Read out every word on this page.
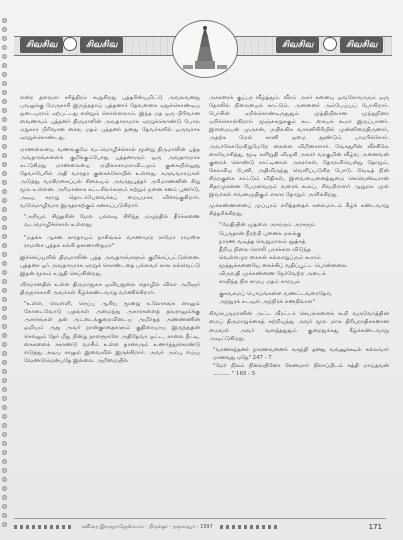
சிவசிவ	சிவசிவ	சிவசிவ	சிவசிவ

என்ற தளவரா சரித்திரம் கூறுகிறது புத்தரின்யுமிட்டு அவலவனது பவலுக்கு மேருகாரி இருந்ததாய் புத்தனார் தேவனைக ஏதுக்கொண்டிய ஐடையராம் ஏற்பட்டது என்றும் கொள்ளலாம். இந்த மத ஒரு பிரிவான வைணவம் புத்தனர் திருமாலின் அவதாராமாக ஏறறுக்கொண்டு போல மறுகார பிரிவான சைவ மதம் புத்தனர் தனது தேவர்களில் ஒருவராக ஏறறுக்கொண்டது.

மாணலையை வணங்குமே வடமொழிச்சொல் மூன்று திருமாலின் புத்த அவதாரங்களைக் குறிக்கும்போது புத்தனாரும் ஒரு அவதாரமாக கட்டுகிறது மாணலையை மயிலாசாமராவிடமும் குகையில்லுது தேவாபேரில் அதி வாரதர குகைக்கோயில் உள்ளது. கருவவாரய்கள் அடுத்து வரகிறகைப்பல் சிலையம் அவரதுபுத்தர் அரிமாணனின் சிறு மூல உள்ளன. அரிமானாக கட்டசிலர்களும் சுற்றும் நனை சனம் புணர்டு, அடிய சுராறு தொடர்பேவைக்கப் மையமாக விளங்குகிறார். வடுமொழிவார இருதரகற்கும் கனலப்படுகிறார்.

"அரியும் சிறுதரின் மேல் பல்லவு கிரிந்த மழுந்தில் தீர்க்கணை வடமொழிச்சொல் உள்ளது.

"மதக்க ஆசன காரதாயம் நாசிங்கம் வாணாமற ராமோ ராமஸ்ச ராமஸ்ச புத்தக கல்கி தசானாஸ்தமா"

இச்செய்யுளில் திருமாலின் புத்த அவதாரங்களும் குறிக்கப்பட்டுள்ளன. புத்தனா ஓர் அவதாரமாக ஏறறுக் கொண்டதை பல்லவர் கால கல்வெட்டு இதன் மூலம் உறுதி செய்கின்றது.

விரமானதில் உள்ள திருமாநுகக ஒவியநுலை தொழில் விலா அறிஞர் திருநாககரசி அவர்கள் கீழ்க்கண்டவாறு வர்ணிக்கிறார்.

"உள்ள, வெளளி, செப்பு ஆகிய மூனறு உலோகங்க ளாலும் கோடைவோடு பதங்கள் அமைந்து அகாரகளைத் தவராலும்க்கு அசாரங்கள் தன் அட்டைக்குறைவிடைய அமிர்தத் அணணணின் ஒமியம் அது அவர் நான்குாதைகளும் குதிரையாய இருந்துதன் செல்லும் தேர் மீது நின்று நாளரூகளே அதிதேவா ஓட்ட, காலை நீட்டி, கைகளைக் ககாண்டு வாகீம் உள்ள தானாரும் உணர்ந்துகொண்டு எடுத்து அடிய சாலும் இவைவில் இருக்கிறார். அவர் அம்பு எய்ய வேண்டுமென்பதே இல்லை. அறிமையில்

அசுரரைக் குப்பர வீழ்த்தும். வீரம் அசுர் கனைய ஒவகோவாரும் ஒரு தோலில் நிலையைக் காட்டும். அனைனர் அம்பேய்யப் போகிறார். பேர்சின் ஏறிக்கொண்டிருதுதும் முத்தியிலான முந்துநிரை ஏறிக்கொள்கிறார். மூஞ்சுசுறுககும் கூட கையக் கூமா இருப்பானர். இளமையன் முருகன், மயிலகிசு வாகனிகிரியில் முன்னிறைதிருனார், அதற்க மேல் கானி ஒமை தூண்டும் பாமரிக்கோர். அவர்கேசுமேசிறுமேறே கைளை விறினாளார். வேகதுரின் வீசசிலே கையோசித்து, மூடி களிறுதி விழுகி அசுரர் வரகுமின் வீழ்வ அனைவன் குறைக் கொண்டு காட்டினால் அசுரர்கள், தோறவியென்று தோறும், கேலவிய பேனி, அதிவிருந்து வெளிப்படுகிற போடு. வேடித் நின் சிறறகுகை காட்டும் விதிகள், இவையைனைத்துமை கெவெண்டிரான் சிதாமுகனை பேமவைரும் வரைக் கூலப், சிவபிராளர் ஆறுறல முள் இவர்கள் எவனமுதிகும் எகார தோறும் அளிக்கிறது.

முக்கண்ணனைப் முப்புரம் எரித்ததைக் கலைமாடம் கீழ்க் கண்டவாறு சித்தரிக்கிறது.

"மேதியின் முதலை அசுரரும் அரசரும்
பேருதான் நீரற்பி புனைசு மலக்கு
நாரண வடித்த வெறுமாலம் நூத்சுத்
தீறிய நிலை ரொலி பரசக்கள விடுந்த
வெள்ளமுர கைகள் கல்லாறுப்ரும் கூராம்
மூத்துக்கனையே கைக்கிப் வதிப்பூட்ட பொன்னலை
விருவதி முக்கண்ணை நேர்வேற்ற அடைக்
சாயிந்த நிக ஸமப மதம் காறயும்
குசுவகமப் பொய்ங்களை வணட்டவரைதேவ
அந்நுரக் கடவுள் அந்நிரக் கணநிலாள"

சிவபெருமானின் அட்ட வீரட்டச் செயல்களைக் கூறி வருவேர்த்தின் மைப் திருமாறுக்கைத் சுற்றியுந்து அவர் மூல மாக திரிபுராதிசகனான மைவள் அவர் வளத்ததுதும் குறைதுக்கது கீழ்க்கண்டவாறு அவுட்டுகிறது.

"வாணகந்தனர் நாரணவனைக் கருந்தி தனது வவனுக்கடில் கல்லவார் மானவது ஏதே" 247 - 7
"மேர் நிலம் நிலையினோ கேணமார் நிலாப்பிடம் சுத்தி மாய்தவன் .......... " 165 - 5
கவிதை இராஜராஜேஸ்வரம் - திருச்சூர் - தஞ்சாவூர் - 1997	171
